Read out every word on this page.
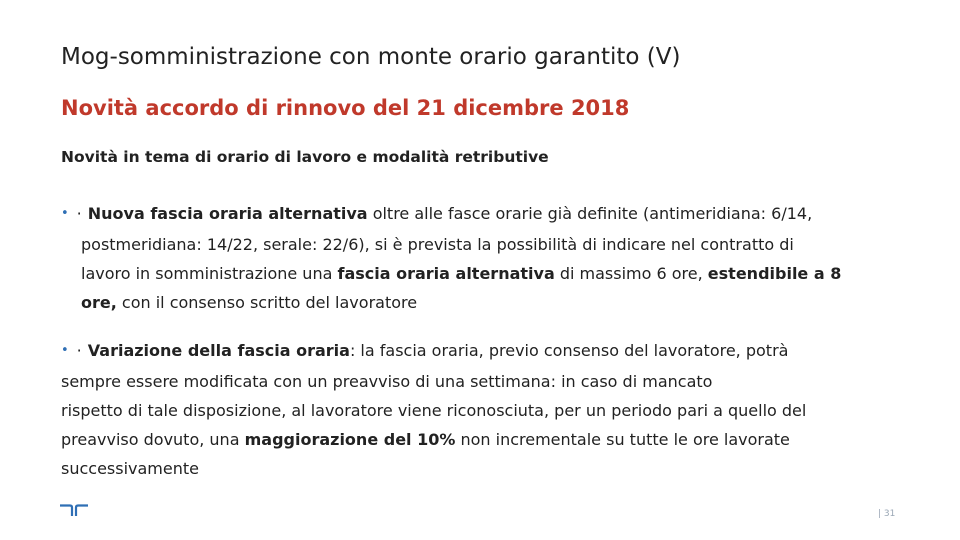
Mog-somministrazione con monte orario garantito (V)
Novità accordo di rinnovo del 21 dicembre 2018
Novità in tema di orario di lavoro e modalità retributive
• · Nuova fascia oraria alternativa oltre alle fasce orarie già definite (antimeridiana: 6/14,
postmeridiana: 14/22, serale: 22/6), si è prevista la possibilità di indicare nel contratto di
lavoro in somministrazione una fascia oraria alternativa di massimo 6 ore, estendibile a 8
ore, con il consenso scritto del lavoratore
• · Variazione della fascia oraria: la fascia oraria, previo consenso del lavoratore, potrà
sempre essere modificata con un preavviso di una settimana: in caso di mancato
rispetto di tale disposizione, al lavoratore viene riconosciuta, per un periodo pari a quello del
preavviso dovuto, una maggiorazione del 10% non incrementale su tutte le ore lavorate
successivamente
| 31
